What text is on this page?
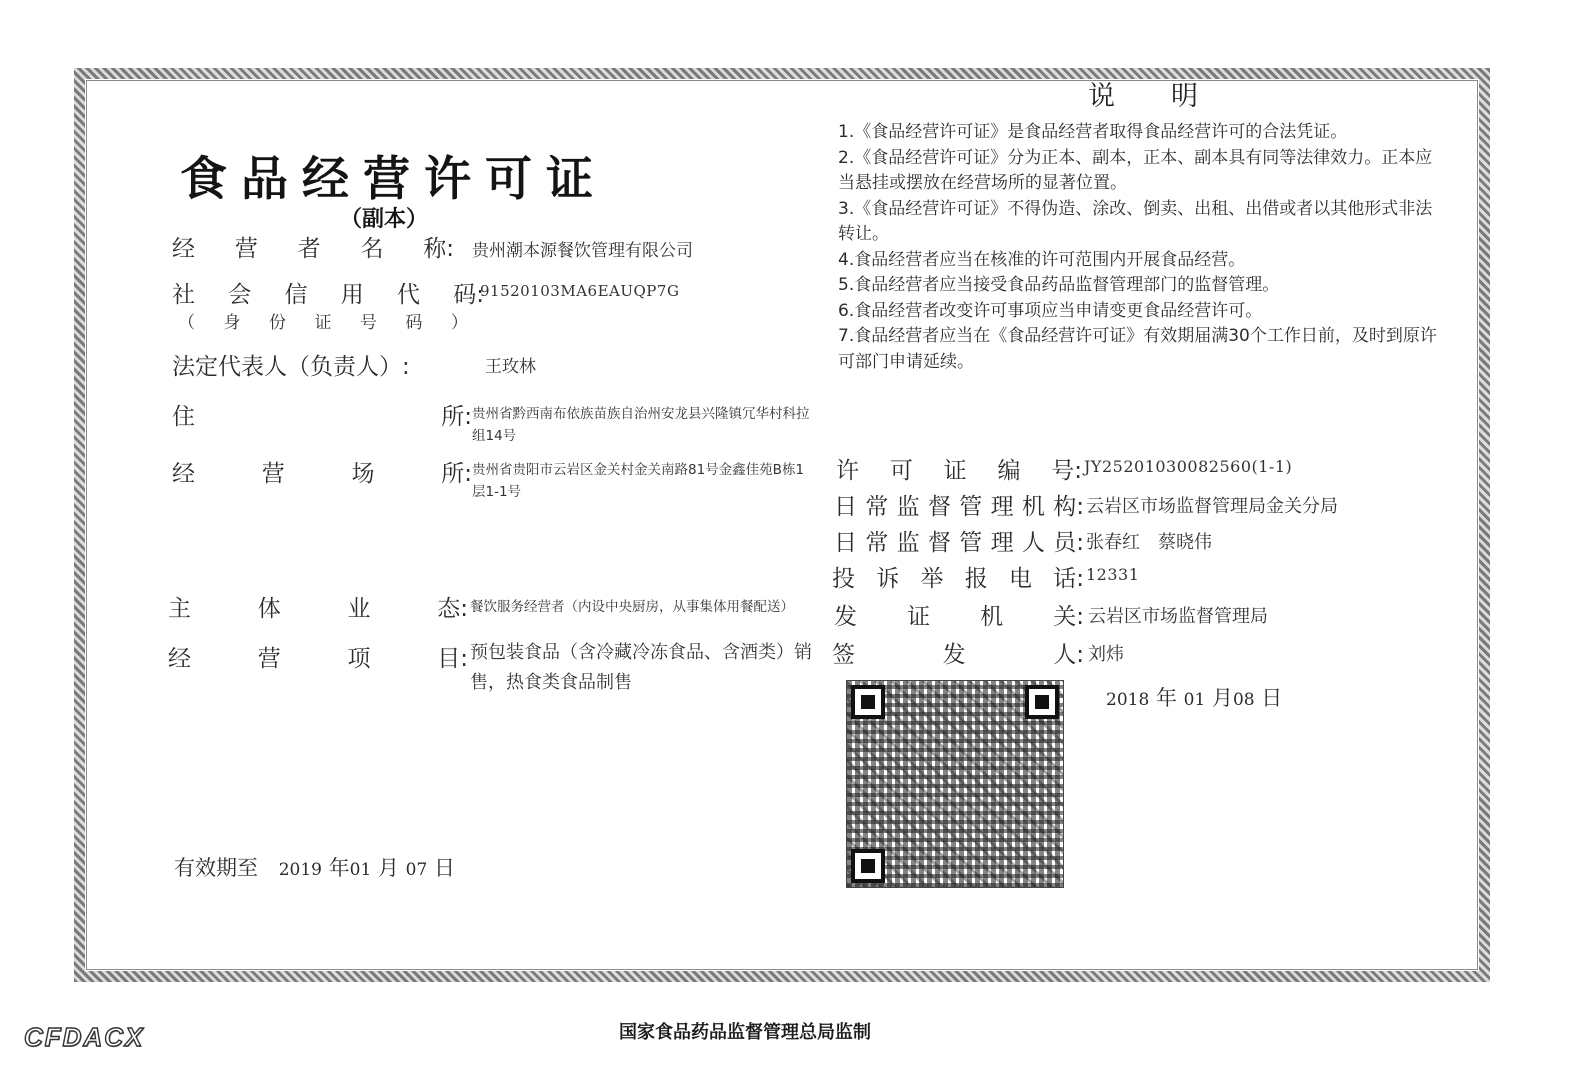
食品经营许可证
（副本）
经 营 者 名 称: 贵州潮本源餐饮管理有限公司
社 会 信 用 代 码:
91520103MA6EAUQP7G
（ 身 份 证 号 码 ）
法定代表人（负责人）:	王玫林
住	所: 贵州省黔西南布依族苗族自治州安龙县兴隆镇冗华村科拉组14号
经	营	场	所: 贵州省贵阳市云岩区金关村金关南路81号金鑫佳苑B栋1层1-1号
主	体	业	态: 餐饮服务经营者（内设中央厨房，从事集体用餐配送）
经	营	项	目: 预包装食品（含冷藏冷冻食品、含酒类）销售，热食类食品制售
有效期至 2019 年01 月 07 日
说明
1.《食品经营许可证》是食品经营者取得食品经营许可的合法凭证。
2.《食品经营许可证》分为正本、副本，正本、副本具有同等法律效力。正本应当悬挂或摆放在经营场所的显著位置。
3.《食品经营许可证》不得伪造、涂改、倒卖、出租、出借或者以其他形式非法转让。
4.食品经营者应当在核准的许可范围内开展食品经营。
5.食品经营者应当接受食品药品监督管理部门的监督管理。
6.食品经营者改变许可事项应当申请变更食品经营许可。
7.食品经营者应当在《食品经营许可证》有效期届满30个工作日前，及时到原许可部门申请延续。
许 可 证 编 号: JY25201030082560(1-1)
日 常 监 督 管 理 机 构: 云岩区市场监督管理局金关分局
日 常 监 督 管 理 人 员: 张春红　蔡晓伟
投 诉 举 报 电 话: 12331
发 证 机 关: 云岩区市场监督管理局
签	发	人: 刘炜
2018 年 01 月08 日
国家食品药品监督管理总局监制
CFDACX
